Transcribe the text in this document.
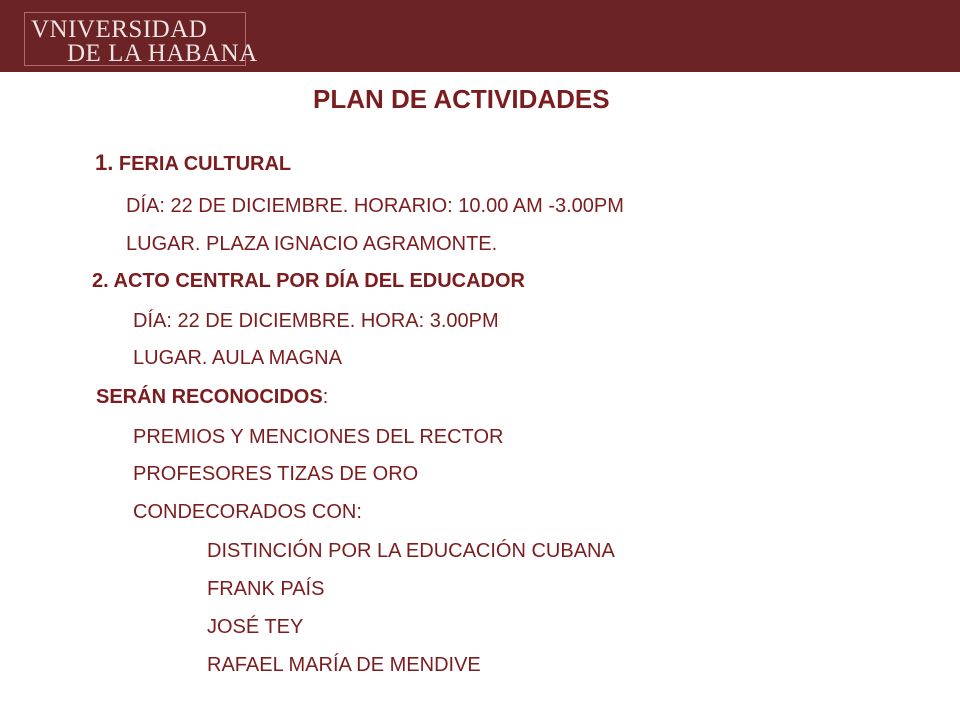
VNIVERSIDAD
DE LA HABANA
PLAN DE ACTIVIDADES
1. FERIA CULTURAL
DÍA: 22 DE DICIEMBRE. HORARIO: 10.00 AM -3.00PM
LUGAR. PLAZA IGNACIO AGRAMONTE.
2. ACTO CENTRAL POR DÍA DEL EDUCADOR
DÍA: 22 DE DICIEMBRE. HORA: 3.00PM
LUGAR. AULA MAGNA
SERÁN RECONOCIDOS:
PREMIOS Y MENCIONES DEL RECTOR
PROFESORES TIZAS DE ORO
CONDECORADOS CON:
DISTINCIÓN POR LA EDUCACIÓN CUBANA
FRANK PAÍS
JOSÉ TEY
RAFAEL MARÍA DE MENDIVE
